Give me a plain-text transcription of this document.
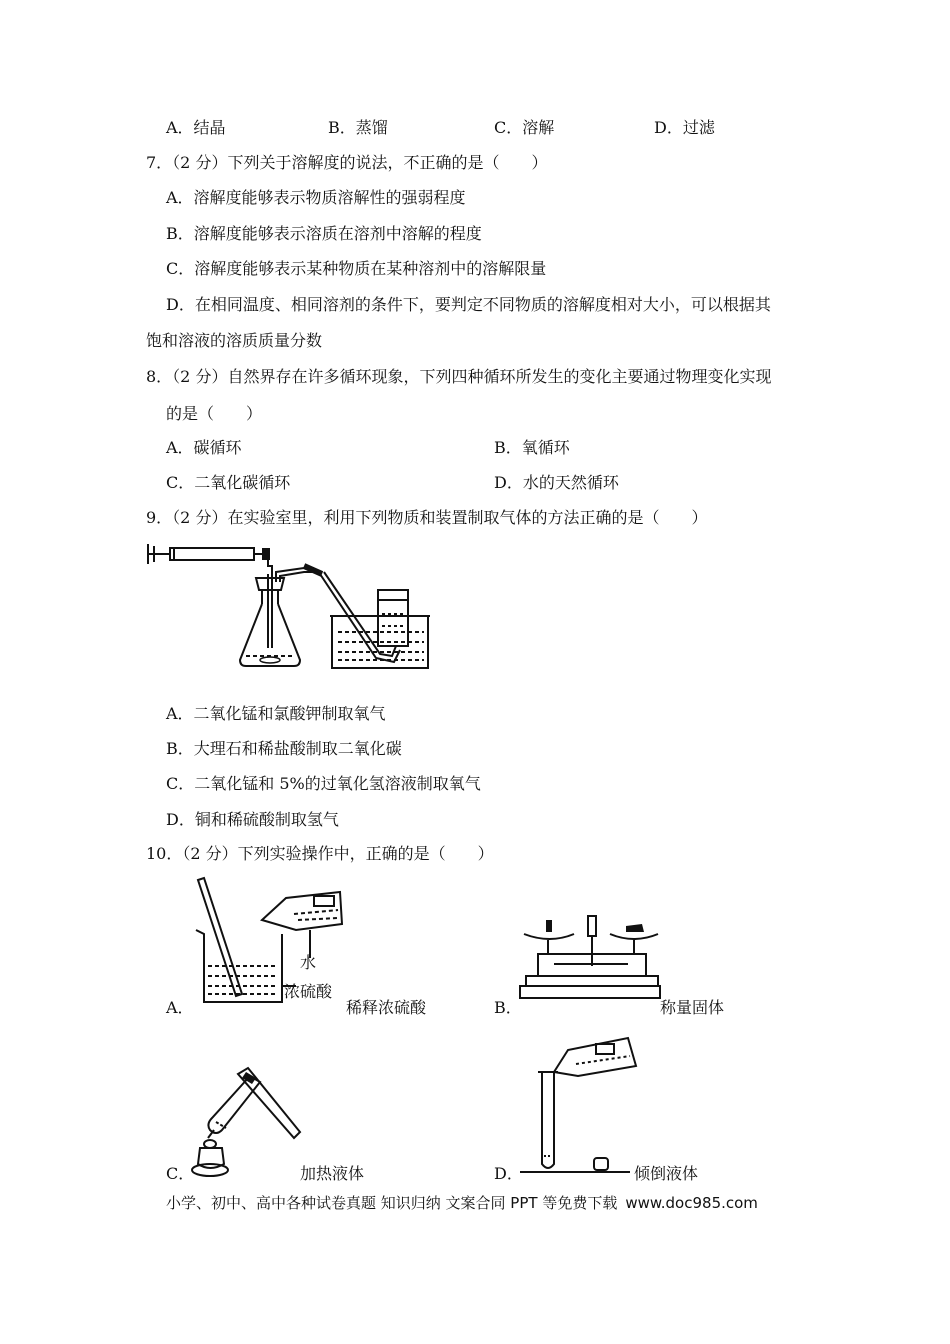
A．结晶	B．蒸馏	C．溶解	D．过滤
7．（2 分）下列关于溶解度的说法，不正确的是（　　）
A．溶解度能够表示物质溶解性的强弱程度
B．溶解度能够表示溶质在溶剂中溶解的程度
C．溶解度能够表示某种物质在某种溶剂中的溶解限量
D．在相同温度、相同溶剂的条件下，要判定不同物质的溶解度相对大小，可以根据其
饱和溶液的溶质质量分数
8．（2 分）自然界存在许多循环现象，下列四种循环所发生的变化主要通过物理变化实现
的是（　　）
A．碳循环	B．氧循环
C．二氧化碳循环	D．水的天然循环
9．（2 分）在实验室里，利用下列物质和装置制取气体的方法正确的是（　　）
A．二氧化锰和氯酸钾制取氧气
B．大理石和稀盐酸制取二氧化碳
C．二氧化锰和 5%的过氧化氢溶液制取氧气
D．铜和稀硫酸制取氢气
10．（2 分）下列实验操作中，正确的是（　　）
A．
水
浓硫酸
稀释浓硫酸	B．	称量固体
C．	加热液体	D．	倾倒液体
小学、初中、高中各种试卷真题 知识归纳 文案合同 PPT 等免费下载 www.doc985.com
